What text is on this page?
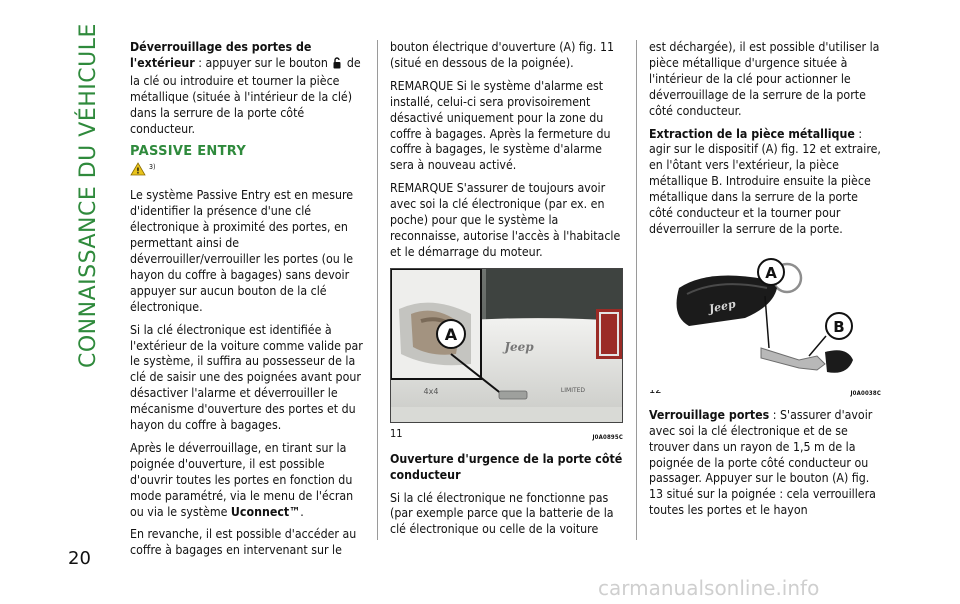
CONNAISSANCE DU VÉHICULE Déverrouillage des portes de l'extérieur : appuyer sur le bouton  de la clé ou introduire et tourner la pièce métallique (située à l'intérieur de la clé) dans la serrure de la porte côté conducteur.

PASSIVE ENTRY
! 3)

Le système Passive Entry est en mesure d'identifier la présence d'une clé électronique à proximité des portes, en permettant ainsi de déverrouiller/verrouiller les portes (ou le hayon du coffre à bagages) sans devoir appuyer sur aucun bouton de la clé électronique.

Si la clé électronique est identifiée à l'extérieur de la voiture comme valide par le système, il suffira au possesseur de la clé de saisir une des poignées avant pour désactiver l'alarme et déverrouiller le mécanisme d'ouverture des portes et du hayon du coffre à bagages.

Après le déverrouillage, en tirant sur la poignée d'ouverture, il est possible d'ouvrir toutes les portes en fonction du mode paramétré, via le menu de l'écran ou via le système Uconnect™.

En revanche, il est possible d'accéder au coffre à bagages en intervenant sur le

bouton électrique d'ouverture (A) fig. 11 (situé en dessous de la poignée).

REMARQUE Si le système d'alarme est installé, celui-ci sera provisoirement désactivé uniquement pour la zone du coffre à bagages. Après la fermeture du coffre à bagages, le système d'alarme sera à nouveau activé.

REMARQUE S'assurer de toujours avoir avec soi la clé électronique (par ex. en poche) pour que le système la reconnaisse, autorise l'accès à l'habitacle et le démarrage du moteur.

A
Jeep
4x4	LIMITED
11	J0A0895C

Ouverture d'urgence de la porte côté conducteur

Si la clé électronique ne fonctionne pas (par exemple parce que la batterie de la clé électronique ou celle de la voiture

est déchargée), il est possible d'utiliser la pièce métallique d'urgence située à l'intérieur de la clé pour actionner le déverrouillage de la serrure de la porte côté conducteur.

Extraction de la pièce métallique : agir sur le dispositif (A) fig. 12 et extraire, en l'ôtant vers l'extérieur, la pièce métallique B. Introduire ensuite la pièce métallique dans la serrure de la porte côté conducteur et la tourner pour déverrouiller la serrure de la porte.

Jeep
A
B
J0A0038C

Verrouillage portes : S'assurer d'avoir avec soi la clé électronique et de se trouver dans un rayon de 1,5 m de la poignée de la porte côté conducteur ou passager. Appuyer sur le bouton (A) fig. 13 situé sur la poignée : cela verrouillera toutes les portes et le hayon

20
carmanualsonline.info
